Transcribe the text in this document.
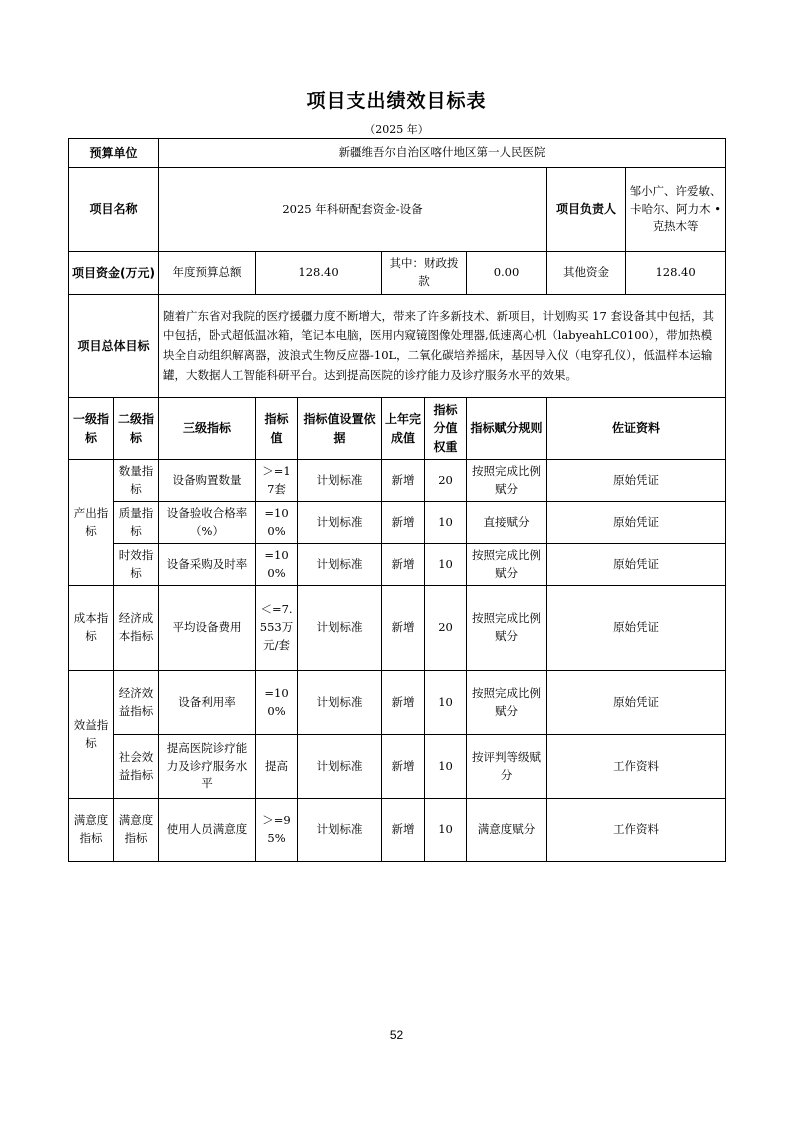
项目支出绩效目标表
（2025 年）
预算单位		新疆维吾尔自治区喀什地区第一人民医院							
项目名称		2025 年科研配套资金-设备						项目负责人	邹小广、许爱敏、卡哈尔、阿力木 • 克热木等
项目资金(万元)		年度预算总额	128.40		其中：财政拨款		0.00	其他资金	128.40
项目总体目标		随着广东省对我院的医疗援疆力度不断增大，带来了许多新技术、新项目，计划购买 17 套设备其中包括，其中包括，卧式超低温冰箱，笔记本电脑，医用内窥镜图像处理器,低速离心机（labyeahLC0100），带加热模块全自动组织解离器，波浪式生物反应器-10L，二氧化碳培养摇床，基因导入仪（电穿孔仪），低温样本运输罐，大数据人工智能科研平台。达到提高医院的诊疗能力及诊疗服务水平的效果。							
一级指标	二级指标	三级指标	指标值	指标值设置依据	上年完成值	指标分值权重	指标赋分规则	佐证资料	
产出指标	数量指标	设备购置数量	＞=17套	计划标准	新增	20	按照完成比例赋分	原始凭证	
	质量指标	设备验收合格率（%）	=100%	计划标准	新增	10	直接赋分	原始凭证	
	时效指标	设备采购及时率	=100%	计划标准	新增	10	按照完成比例赋分	原始凭证	
成本指标	经济成本指标	平均设备费用	＜=7.553万元/套	计划标准	新增	20	按照完成比例赋分	原始凭证	
效益指标	经济效益指标	设备利用率	=100%	计划标准	新增	10	按照完成比例赋分	原始凭证	
	社会效益指标	提高医院诊疗能力及诊疗服务水平	提高	计划标准	新增	10	按评判等级赋分	工作资料	
满意度指标	满意度指标	使用人员满意度	＞=95%	计划标准	新增	10	满意度赋分	工作资料	
52
